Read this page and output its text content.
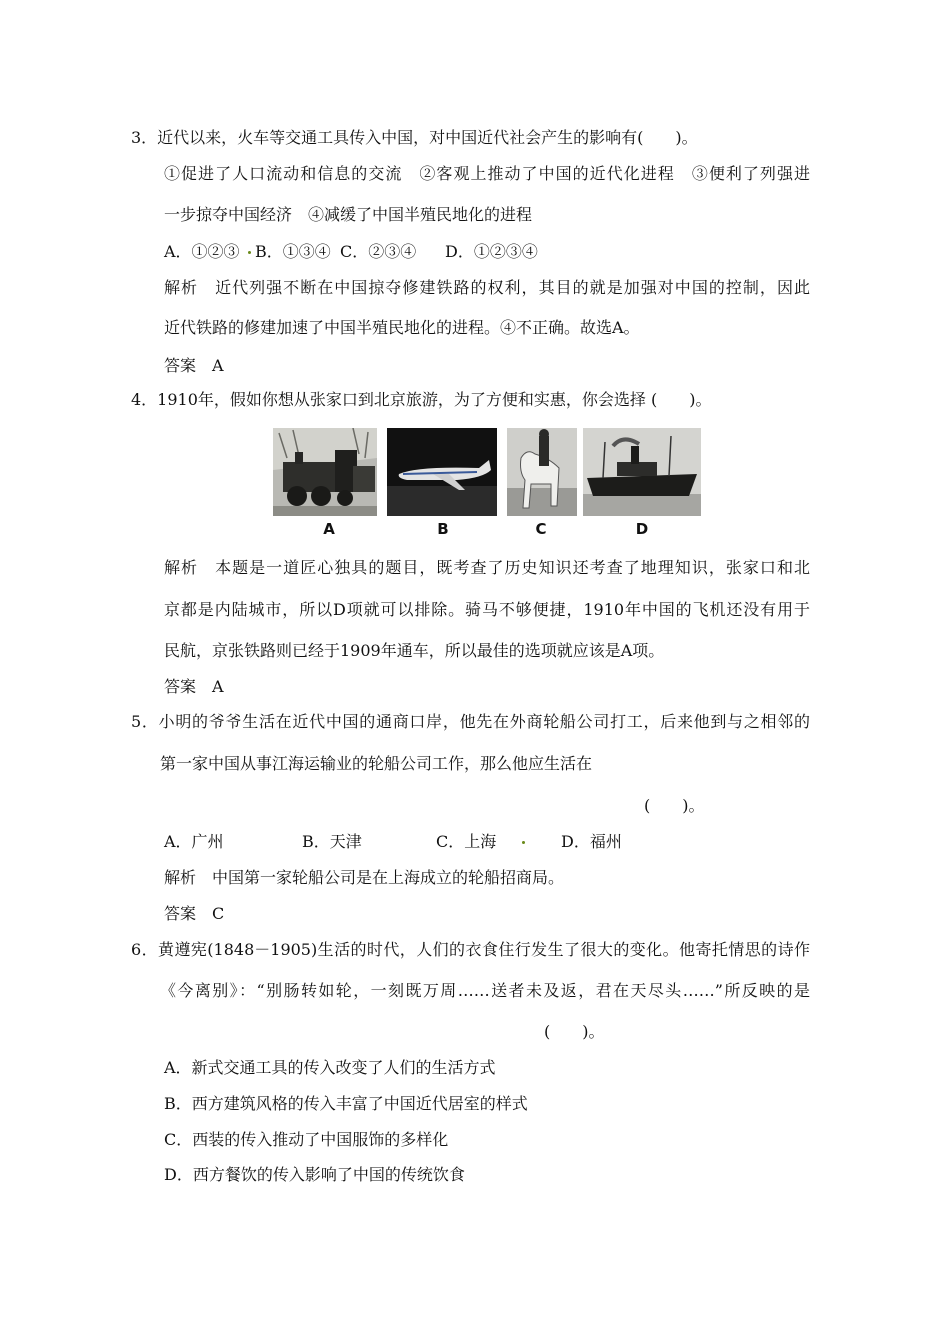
3．近代以来，火车等交通工具传入中国，对中国近代社会产生的影响有(　　)。
①促进了人口流动和信息的交流　②客观上推动了中国的近代化进程　③便利了列强进
一步掠夺中国经济　④减缓了中国半殖民地化的进程
A．①②③ B．①③④ C．②③④ D．①②③④
解析　近代列强不断在中国掠夺修建铁路的权利，其目的就是加强对中国的控制，因此
近代铁路的修建加速了中国半殖民地化的进程。④不正确。故选A。
答案　A
4．1910年，假如你想从张家口到北京旅游，为了方便和实惠，你会选择 (　　)。
A	B	C	D
解析　本题是一道匠心独具的题目，既考查了历史知识还考查了地理知识，张家口和北
京都是内陆城市，所以D项就可以排除。骑马不够便捷，1910年中国的飞机还没有用于
民航，京张铁路则已经于1909年通车，所以最佳的选项就应该是A项。
答案　A
5．小明的爷爷生活在近代中国的通商口岸，他先在外商轮船公司打工，后来他到与之相邻的
第一家中国从事江海运输业的轮船公司工作，那么他应生活在
(　　)。
A．广州	B．天津	C．上海	D．福州
解析　中国第一家轮船公司是在上海成立的轮船招商局。
答案　C
6．黄遵宪(1848－1905)生活的时代，人们的衣食住行发生了很大的变化。他寄托情思的诗作
《今离别》：“别肠转如轮，一刻既万周……送者未及返，君在天尽头……”所反映的是
(　　)。
A．新式交通工具的传入改变了人们的生活方式
B．西方建筑风格的传入丰富了中国近代居室的样式
C．西装的传入推动了中国服饰的多样化
D．西方餐饮的传入影响了中国的传统饮食
